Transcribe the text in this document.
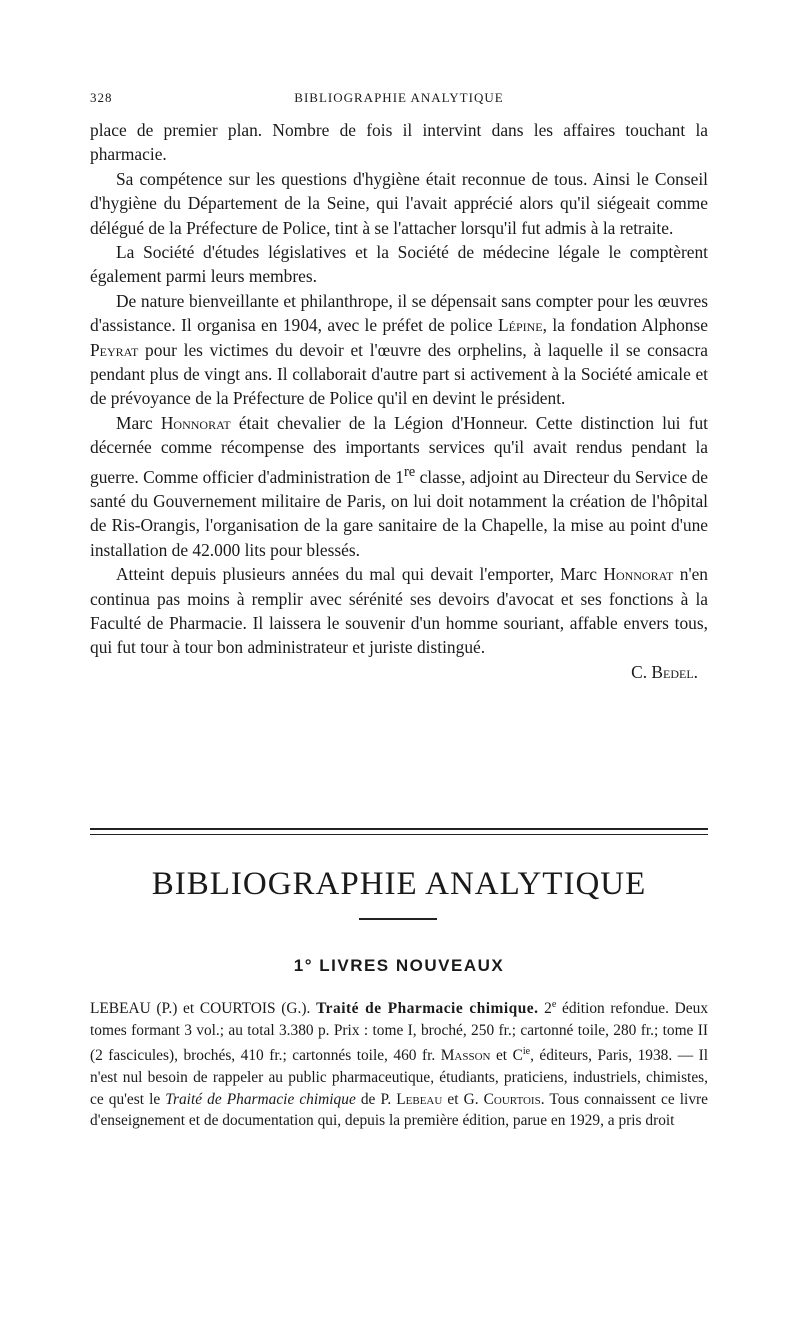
328	BIBLIOGRAPHIE ANALYTIQUE

place de premier plan. Nombre de fois il intervint dans les affaires touchant la pharmacie.

Sa compétence sur les questions d'hygiène était reconnue de tous. Ainsi le Conseil d'hygiène du Département de la Seine, qui l'avait apprécié alors qu'il siégeait comme délégué de la Préfecture de Police, tint à se l'attacher lorsqu'il fut admis à la retraite.

La Société d'études législatives et la Société de médecine légale le comptèrent également parmi leurs membres.

De nature bienveillante et philanthrope, il se dépensait sans compter pour les œuvres d'assistance. Il organisa en 1904, avec le préfet de police Lépine, la fondation Alphonse Peyrat pour les victimes du devoir et l'œuvre des orphelins, à laquelle il se consacra pendant plus de vingt ans. Il collaborait d'autre part si activement à la Société amicale et de prévoyance de la Préfecture de Police qu'il en devint le président.

Marc Honnorat était chevalier de la Légion d'Honneur. Cette distinction lui fut décernée comme récompense des importants services qu'il avait rendus pendant la guerre. Comme officier d'administration de 1re classe, adjoint au Directeur du Service de santé du Gouvernement militaire de Paris, on lui doit notamment la création de l'hôpital de Ris-Orangis, l'organisation de la gare sanitaire de la Chapelle, la mise au point d'une installation de 42.000 lits pour blessés.

Atteint depuis plusieurs années du mal qui devait l'emporter, Marc Honnorat n'en continua pas moins à remplir avec sérénité ses devoirs d'avocat et ses fonctions à la Faculté de Pharmacie. Il laissera le souvenir d'un homme souriant, affable envers tous, qui fut tour à tour bon administrateur et juriste distingué.

C. Bedel.

BIBLIOGRAPHIE ANALYTIQUE
1° LIVRES NOUVEAUX

LEBEAU (P.) et COURTOIS (G.). Traité de Pharmacie chimique. 2e édition refondue. Deux tomes formant 3 vol.; au total 3.380 p. Prix : tome I, broché, 250 fr.; cartonné toile, 280 fr.; tome II (2 fascicules), brochés, 410 fr.; cartonnés toile, 460 fr. Masson et $C^{ie}$, éditeurs, Paris, 1938. — Il n'est nul besoin de rappeler au public pharmaceutique, étudiants, praticiens, industriels, chimistes, ce qu'est le Traité de Pharmacie chimique de P. Lebeau et G. Courtois. Tous connaissent ce livre d'enseignement et de documentation qui, depuis la première édition, parue en 1929, a pris droit
